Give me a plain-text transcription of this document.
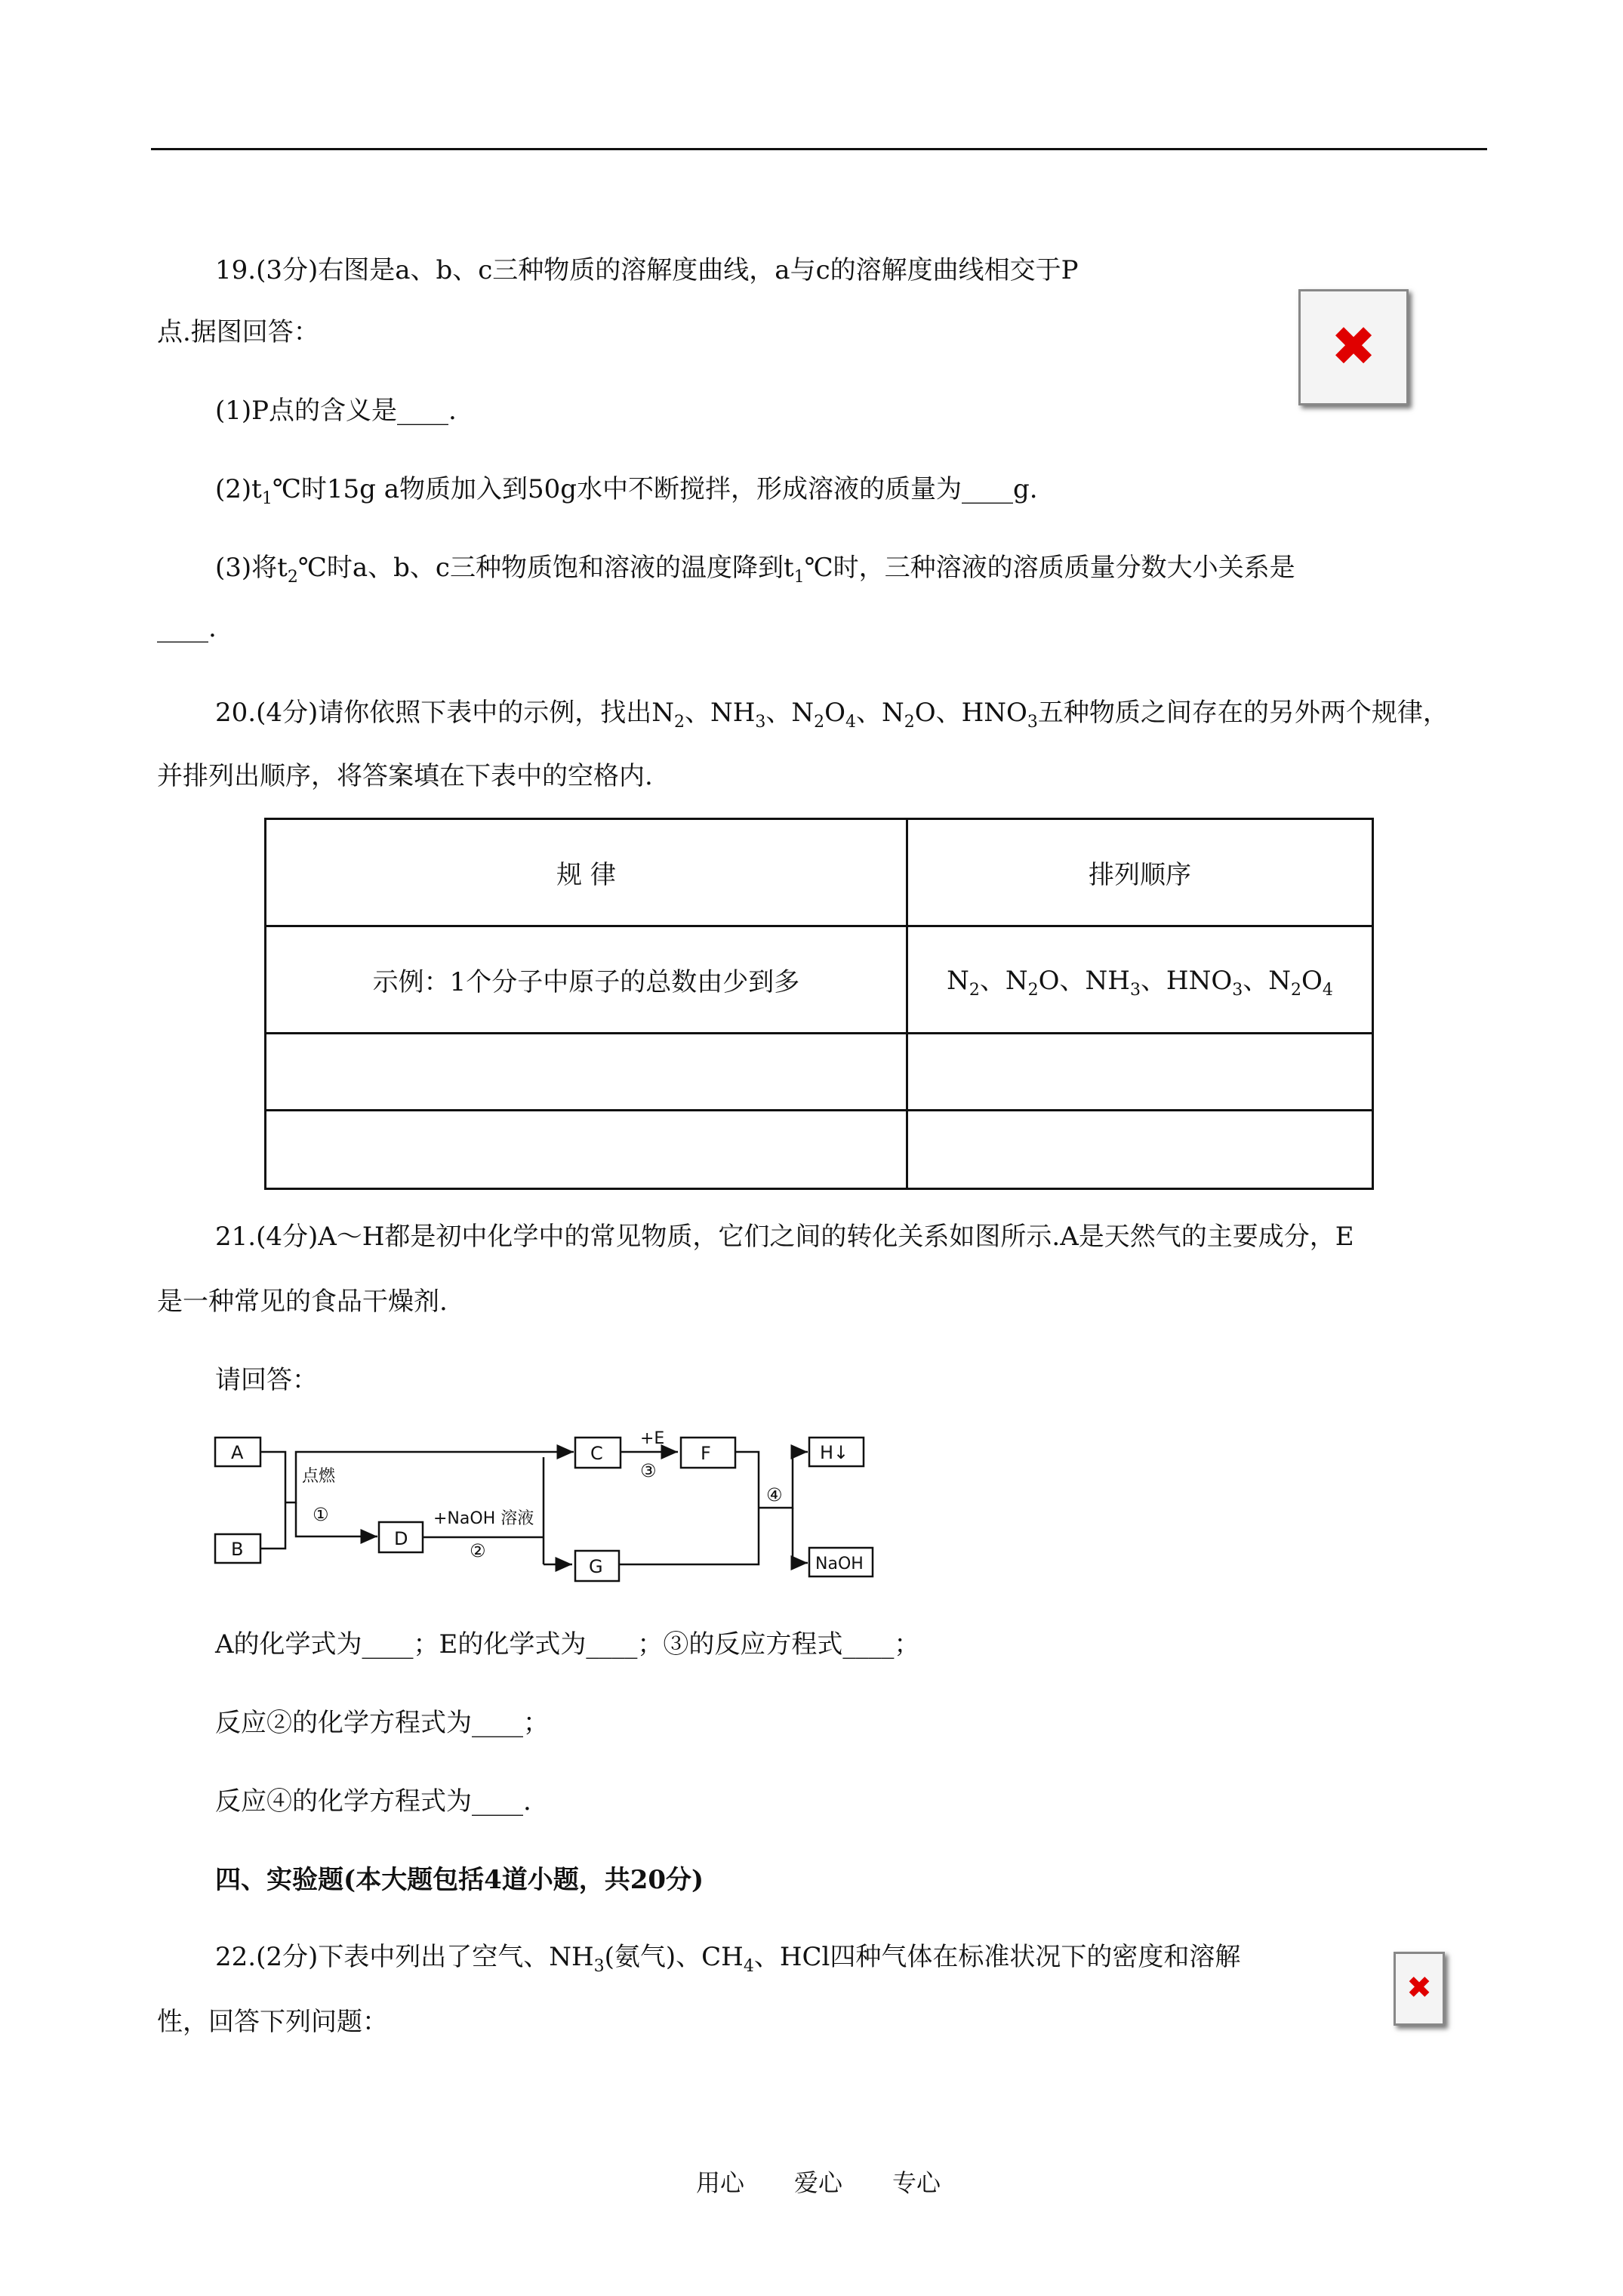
19.(3分)右图是a、b、c三种物质的溶解度曲线，a与c的溶解度曲线相交于P
点.据图回答：	✖
(1)P点的含义是____.
$(2)t_1℃$时15g a物质加入到50g水中不断搅拌，形成溶液的质量为____g.
(3)将$t_2℃$时a、b、c三种物质饱和溶液的温度降到$t_1℃$时，三种溶液的溶质质量分数大小关系是
____.
20.(4分)请你依照下表中的示例，找出$N_2$、$NH_3$、$N_2O_4$、$N_2O$、$HNO_3$五种物质之间存在的另外两个规律，
并排列出顺序，将答案填在下表中的空格内.
规 律	排列顺序
示例：1个分子中原子的总数由少到多	$N_2$、$N_2O$、$NH_3$、$HNO_3$、$N_2O_4$

21.(4分)A～H都是初中化学中的常见物质，它们之间的转化关系如图所示.A是天然气的主要成分，E
是一种常见的食品干燥剂.
请回答：
A
B	D
C	F
G
H↓
NaOH
点燃
①	+NaOH 溶液
②
+E
③
④
A的化学式为____；E的化学式为____；③的反应方程式____；
反应②的化学方程式为____；
反应④的化学方程式为____.
四、实验题(本大题包括4道小题，共20分)
22.(2分)下表中列出了空气、$NH_3$(氨气)、$CH_4$、HCl四种气体在标准状况下的密度和溶解
性，回答下列问题：
✖
用心 爱心 专心
